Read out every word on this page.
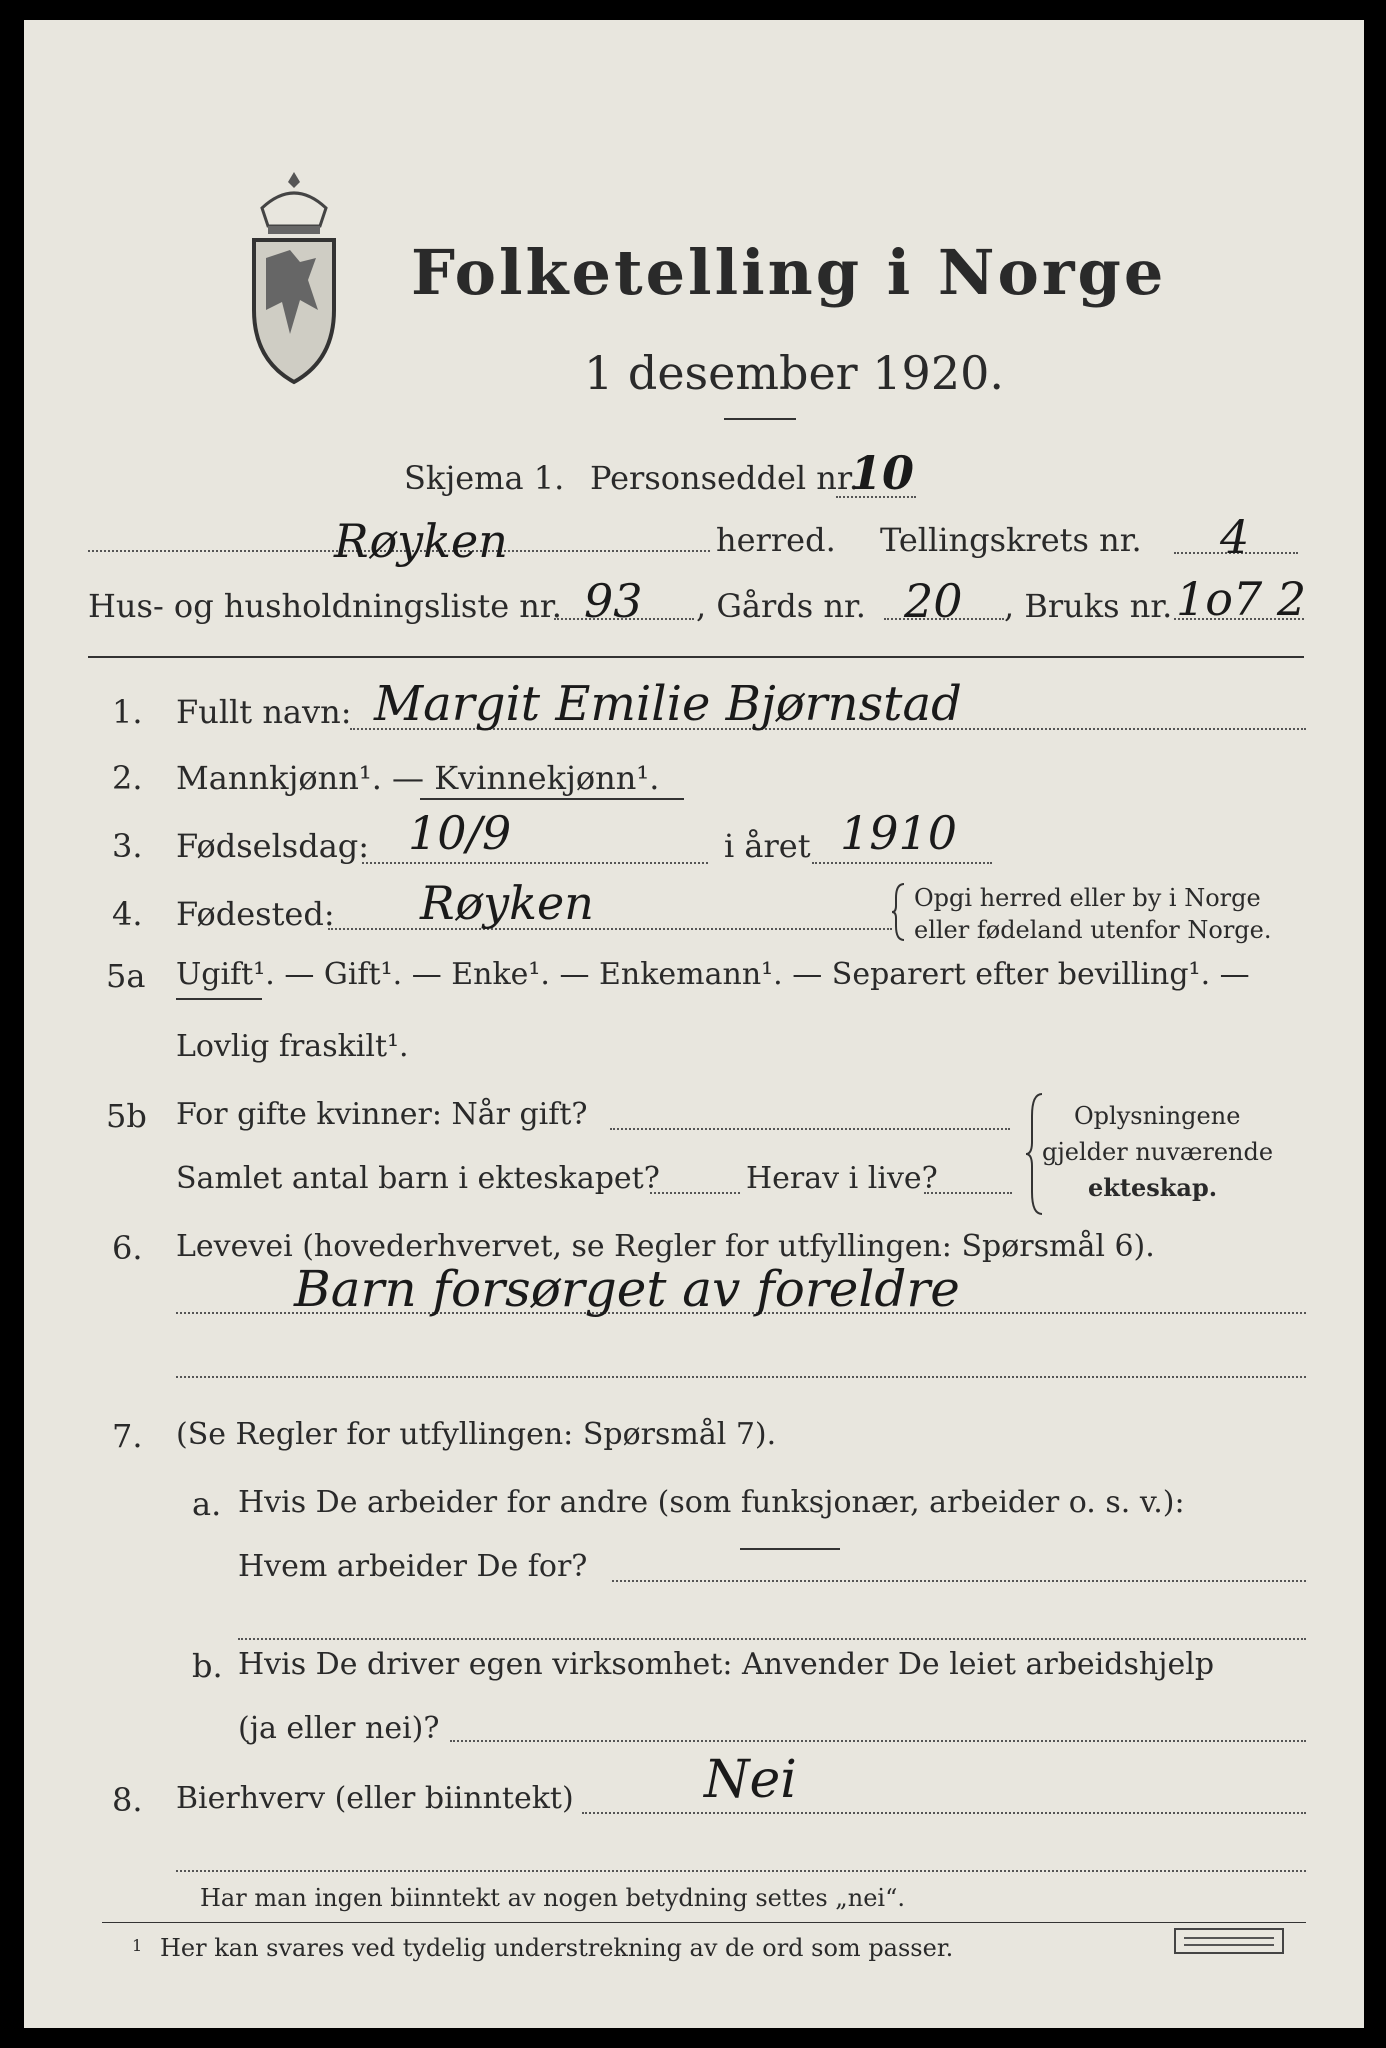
Folketelling i Norge
1 desember 1920.
Skjema 1. Personseddel nr.
10
Røyken	herred. Tellingskrets nr. 4
Hus- og husholdningsliste nr. 93 , Gårds nr. 20 , Bruks nr. 1o7 2
1. Fullt navn: Margit Emilie Bjørnstad
2. Mannkjønn¹. — Kvinnekjønn¹.
3. Fødselsdag: 10/9	i året 1910
4. Fødested: Røyken	Opgi herred eller by i Norge
eller fødeland utenfor Norge.
5a Ugift¹. — Gift¹. — Enke¹. — Enkemann¹. — Separert efter bevilling¹. —
Lovlig fraskilt¹.
5b For gifte kvinner: Når gift?
Samlet antal barn i ekteskapet?	Herav i live?
Oplysningene
gjelder nuværende
ekteskap.
6. Levevei (hovederhvervet, se Regler for utfyllingen: Spørsmål 6).
Barn forsørget av foreldre
7. (Se Regler for utfyllingen: Spørsmål 7).
a. Hvis De arbeider for andre (som funksjonær, arbeider o. s. v.):
Hvem arbeider De for?
b. Hvis De driver egen virksomhet: Anvender De leiet arbeidshjelp
(ja eller nei)?
8. Bierhverv (eller biinntekt)	Nei
Har man ingen biinntekt av nogen betydning settes „nei“.
1 Her kan svares ved tydelig understrekning av de ord som passer.
